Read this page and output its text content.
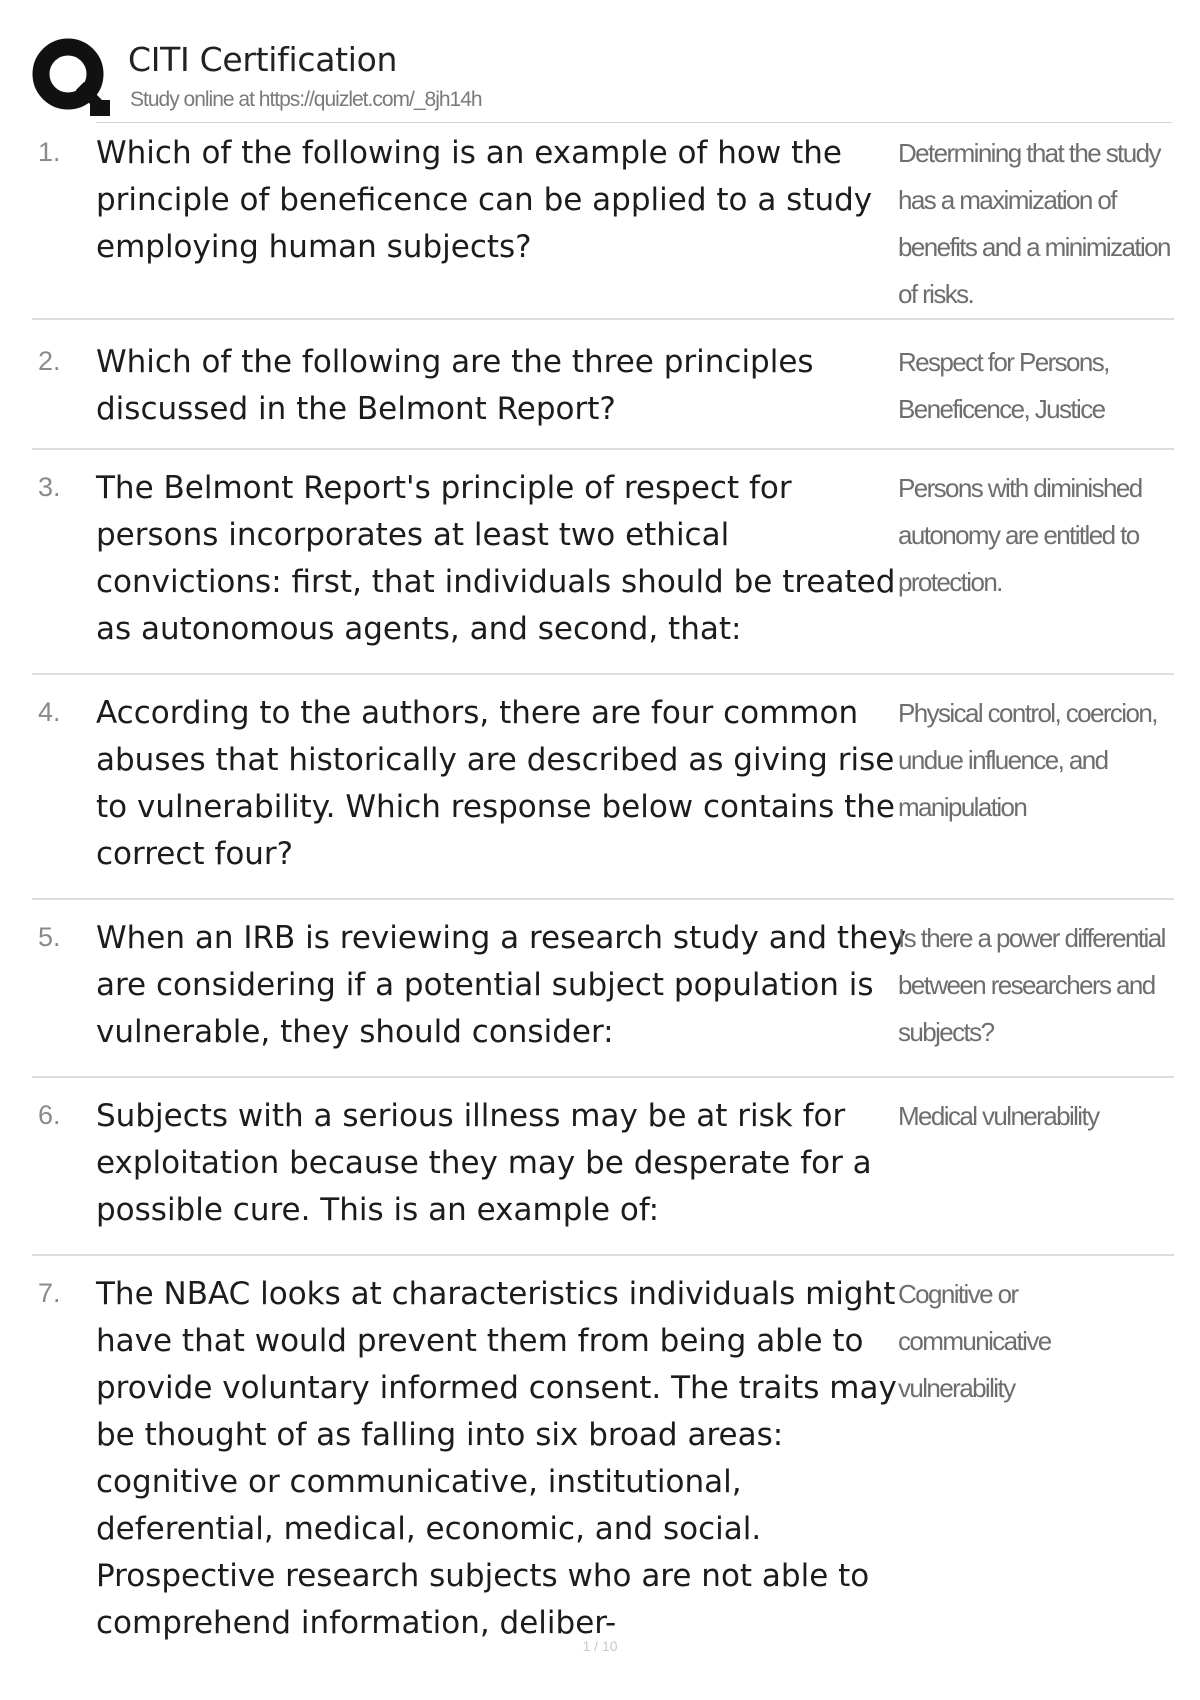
CITI Certification
Study online at https://quizlet.com/_8jh14h
1. Which of the following is an example of how the principle of beneficence can be applied to a study employing human subjects?
Determining that the study has a maximization of benefits and a minimization of risks.
2. Which of the following are the three principles discussed in the Belmont Report?
Respect for Persons, Beneficence, Justice
3. The Belmont Report's principle of respect for persons incorporates at least two ethical convictions: first, that individuals should be treated as autonomous agents, and second, that:
Persons with diminished autonomy are entitled to protection.
4. According to the authors, there are four common abuses that historically are described as giving rise to vulnerability. Which response below contains the correct four?
Physical control, coercion, undue influence, and manipulation
5. When an IRB is reviewing a research study and they are considering if a potential subject population is vulnerable, they should consider:
Is there a power differential between researchers and subjects?
6. Subjects with a serious illness may be at risk for exploitation because they may be desperate for a possible cure. This is an example of:
Medical vulnerability
7. The NBAC looks at characteristics individuals might have that would prevent them from being able to provide voluntary informed consent. The traits may be thought of as falling into six broad areas: cognitive or communicative, institutional, deferential, medical, economic, and social. Prospective research subjects who are not able to comprehend information, deliber-
Cognitive or communicative vulnerability
1 / 10
